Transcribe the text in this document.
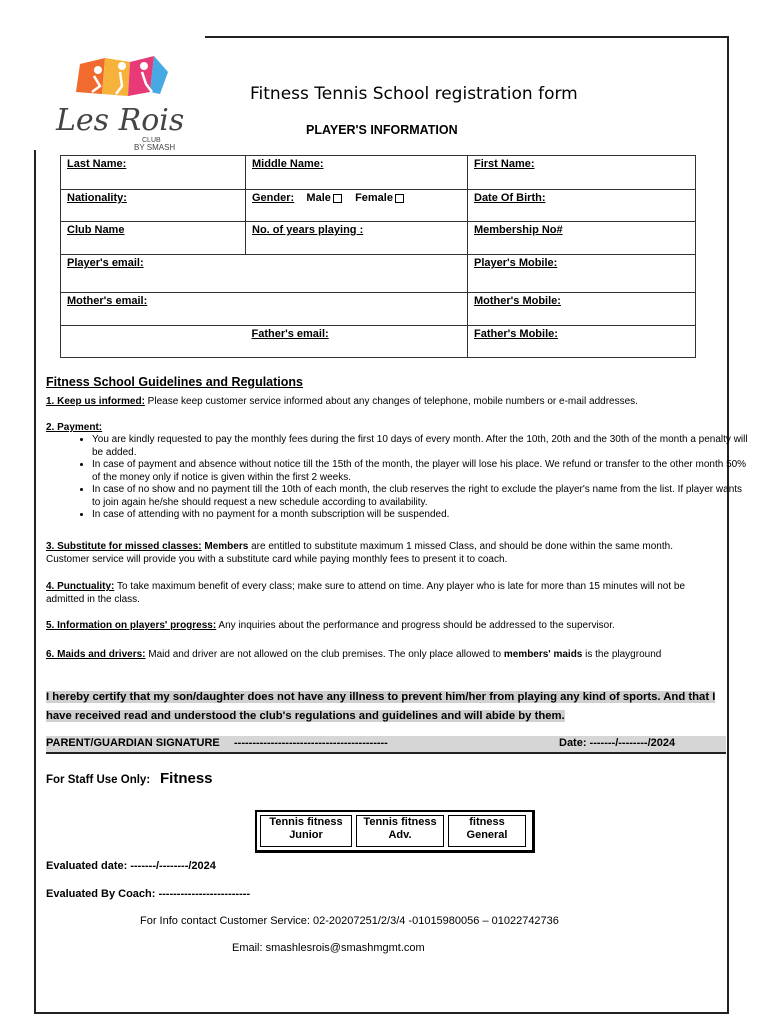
Les Rois
CLUB
BY SMASH
Fitness Tennis School registration form
PLAYER'S INFORMATION
Last Name:	Middle Name:	First Name:
Nationality:	Gender: Male Female	Date Of Birth:
Club Name	No. of years playing :	Membership No#
Player's email:		Player's Mobile:
Mother's email:		Mother's Mobile:
	Father's email:	Father's Mobile:
Fitness School Guidelines and Regulations
1. Keep us informed: Please keep customer service informed about any changes of telephone, mobile numbers or e-mail addresses.
2. Payment:
• You are kindly requested to pay the monthly fees during the first 10 days of every month. After the 10th, 20th and the 30th of the month a penalty will be added.
• In case of payment and absence without notice till the 15th of the month, the player will lose his place. We refund or transfer to the other month 50% of the money only if notice is given within the first 2 weeks.
• In case of no show and no payment till the 10th of each month, the club reserves the right to exclude the player's name from the list. If player wants to join again he/she should request a new schedule according to availability.
• In case of attending with no payment for a month subscription will be suspended.
3. Substitute for missed classes: Members are entitled to substitute maximum 1 missed Class, and should be done within the same month. Customer service will provide you with a substitute card while paying monthly fees to present it to coach.
4. Punctuality: To take maximum benefit of every class; make sure to attend on time. Any player who is late for more than 15 minutes will not be admitted in the class.
5. Information on players' progress: Any inquiries about the performance and progress should be addressed to the supervisor.
6. Maids and drivers: Maid and driver are not allowed on the club premises. The only place allowed to members' maids is the playground
I hereby certify that my son/daughter does not have any illness to prevent him/her from playing any kind of sports. And that I have received read and understood the club's regulations and guidelines and will abide by them.
PARENT/GUARDIAN SIGNATURE ------------------------------------------	Date: -------/--------/2024
For Staff Use Only: Fitness
Tennis fitness Junior
Tennis fitness Adv.
fitness General
Evaluated date: -------/--------/2024
Evaluated By Coach: -------------------------
For Info contact Customer Service: 02-20207251/2/3/4 -01015980056 – 01022742736
Email: smashlesrois@smashmgmt.com
